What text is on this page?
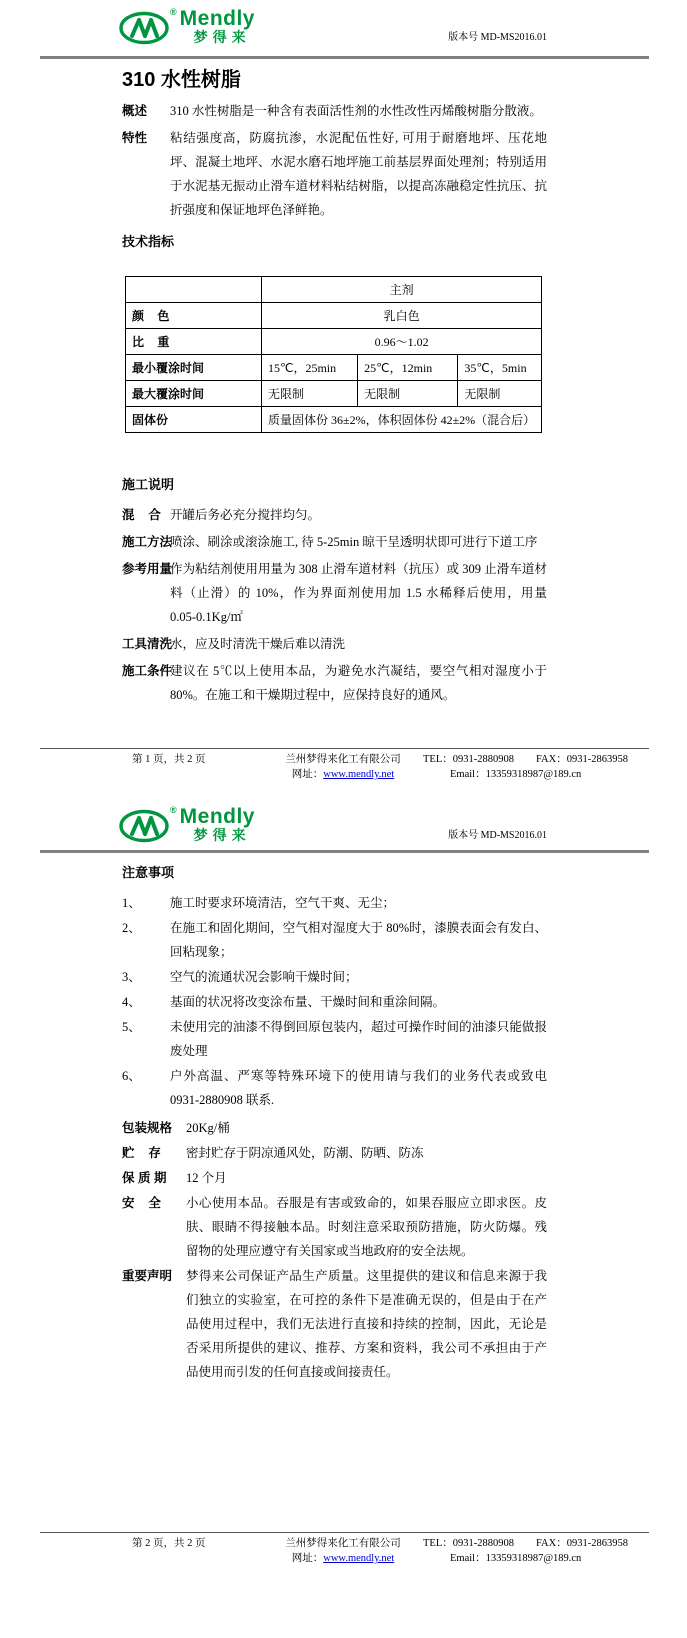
® Mendly
梦得来	版本号 MD-MS2016.01
310 水性树脂
概述	310 水性树脂是一种含有表面活性剂的水性改性丙烯酸树脂分散液。
特性	粘结强度高，防腐抗渗，水泥配伍性好, 可用于耐磨地坪、压花地坪、混凝土地坪、水泥水磨石地坪施工前基层界面处理剂；特别适用于水泥基无振动止滑车道材料粘结树脂，以提高冻融稳定性抗压、抗折强度和保证地坪色泽鲜艳。
技术指标
	主剂		
颜    色	乳白色		
比    重	0.96～1.02		
最小覆涂时间	15℃，25min	25℃，12min	35℃，5min
最大覆涂时间	无限制	无限制	无限制
固体份	质量固体份 36±2%，体积固体份 42±2%（混合后）		
施工说明
混    合 开罐后务必充分搅拌均匀。
施工方法
喷涂、刷涂或滚涂施工, 待 5-25min 晾干呈透明状即可进行下道工序
参考用量
作为粘结剂使用用量为 308 止滑车道材料（抗压）或 309 止滑车道材料（止滑）的 10%，作为界面剂使用加 1.5 水稀释后使用，用量 0.05-0.1Kg/㎡
工具清洗
水，应及时清洗干燥后难以清洗
施工条件
建议在 5℃以上使用本品，为避免水汽凝结，要空气相对湿度小于 80%。在施工和干燥期过程中，应保持良好的通风。
第 1 页，共 2 页	兰州梦得来化工有限公司
网址：www.mendly.net
TEL：0931-2880908 FAX：0931-2863958
Email：13359318987@189.cn
® Mendly
梦得来	版本号 MD-MS2016.01
注意事项
1、	施工时要求环境清洁，空气干爽、无尘；
2、	在施工和固化期间，空气相对湿度大于 80%时，漆膜表面会有发白、回粘现象；
3、	空气的流通状况会影响干燥时间；
4、	基面的状况将改变涂布量、干燥时间和重涂间隔。
5、	未使用完的油漆不得倒回原包装内，超过可操作时间的油漆只能做报废处理
6、	户外高温、严寒等特殊环境下的使用请与我们的业务代表或致电 0931-2880908 联系.
包装规格	20Kg/桶
贮    存	密封贮存于阴凉通风处，防潮、防晒、防冻
保 质 期	12 个月
安    全	小心使用本品。吞服是有害或致命的，如果吞服应立即求医。皮肤、眼睛不得接触本品。时刻注意采取预防措施，防火防爆。残留物的处理应遵守有关国家或当地政府的安全法规。
重要声明	梦得来公司保证产品生产质量。这里提供的建议和信息来源于我们独立的实验室，在可控的条件下是准确无误的，但是由于在产品使用过程中，我们无法进行直接和持续的控制，因此，无论是否采用所提供的建议、推荐、方案和资料，我公司不承担由于产品使用而引发的任何直接或间接责任。
第 2 页，共 2 页	兰州梦得来化工有限公司
网址：www.mendly.net
TEL：0931-2880908 FAX：0931-2863958
Email：13359318987@189.cn
